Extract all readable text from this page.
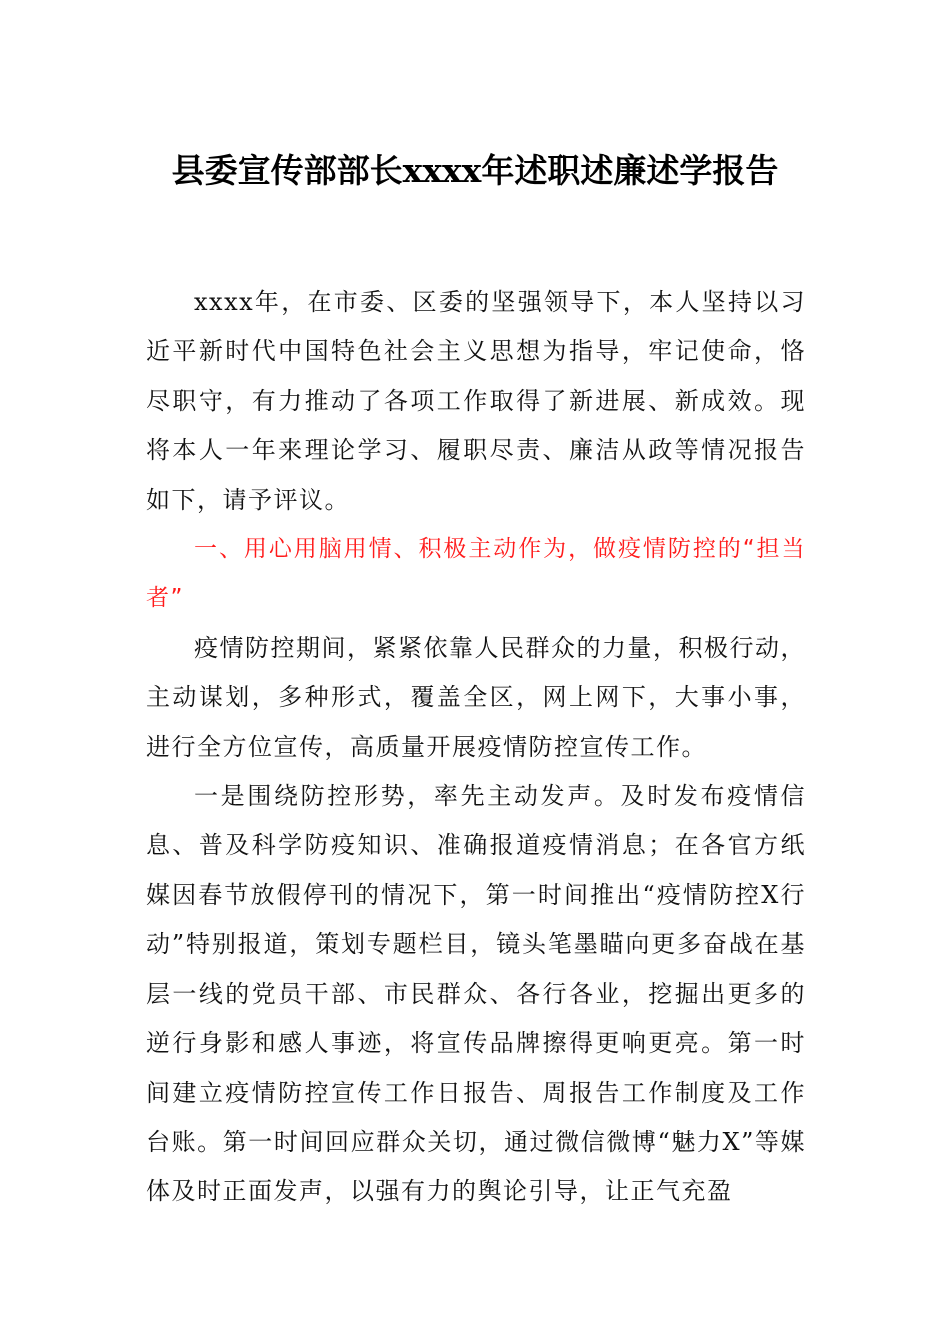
县委宣传部部长xxxx年述职述廉述学报告

xxxx年，在市委、区委的坚强领导下，本人坚持以习近平新时代中国特色社会主义思想为指导，牢记使命，恪尽职守，有力推动了各项工作取得了新进展、新成效。现将本人一年来理论学习、履职尽责、廉洁从政等情况报告如下，请予评议。

一、用心用脑用情、积极主动作为，做疫情防控的“担当者”

疫情防控期间，紧紧依靠人民群众的力量，积极行动，主动谋划，多种形式，覆盖全区，网上网下，大事小事，进行全方位宣传，高质量开展疫情防控宣传工作。

一是围绕防控形势，率先主动发声。及时发布疫情信息、普及科学防疫知识、准确报道疫情消息；在各官方纸媒因春节放假停刊的情况下，第一时间推出“疫情防控X行动”特别报道，策划专题栏目，镜头笔墨瞄向更多奋战在基层一线的党员干部、市民群众、各行各业，挖掘出更多的逆行身影和感人事迹，将宣传品牌擦得更响更亮。第一时间建立疫情防控宣传工作日报告、周报告工作制度及工作台账。第一时间回应群众关切，通过微信微博“魅力X”等媒体及时正面发声，以强有力的舆论引导，让正气充盈
